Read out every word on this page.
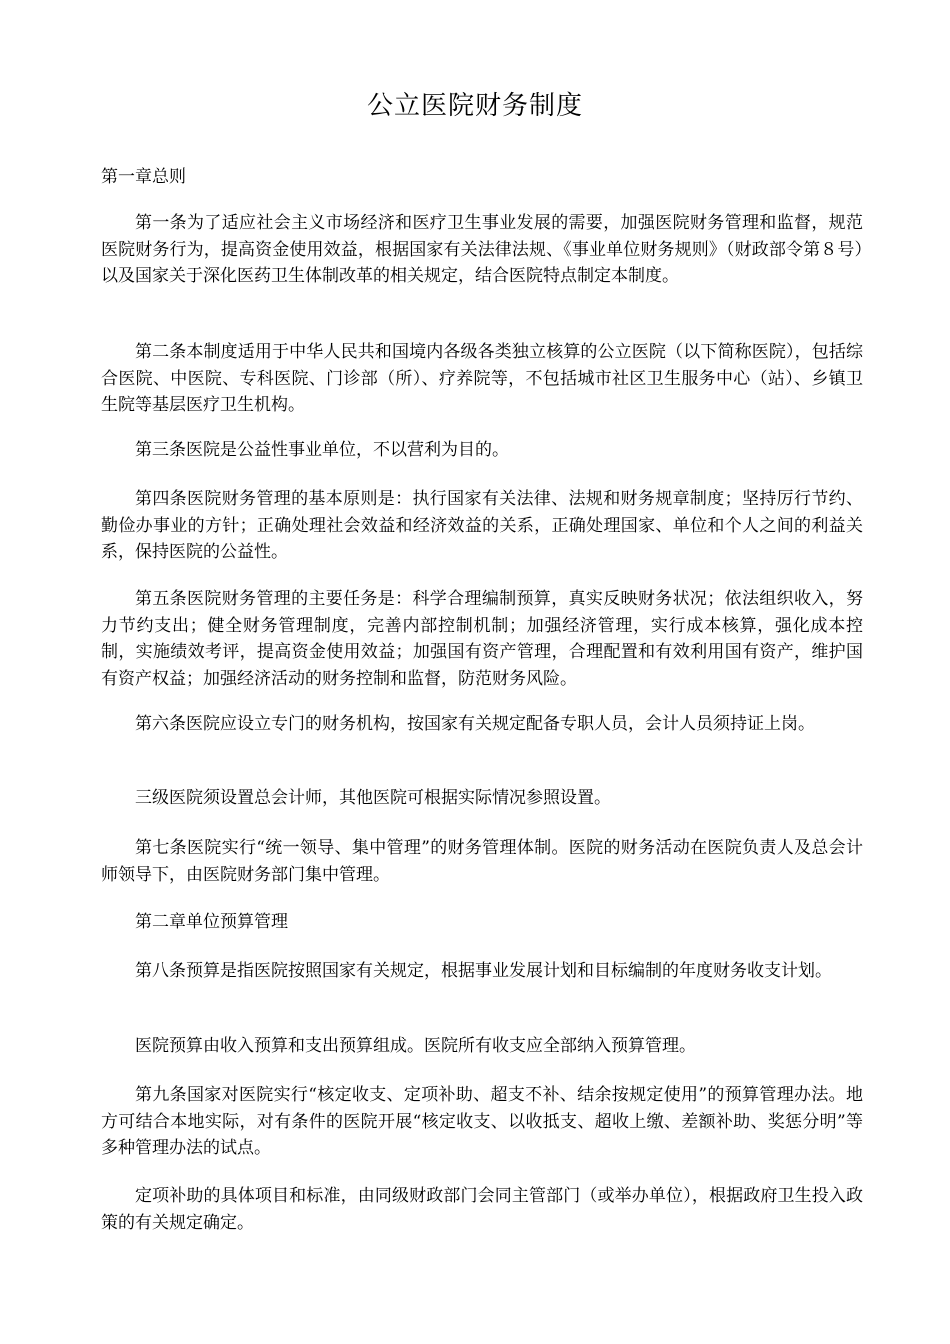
公立医院财务制度
第一章总则

第一条为了适应社会主义市场经济和医疗卫生事业发展的需要，加强医院财务管理和监督，规范医院财务行为，提高资金使用效益，根据国家有关法律法规、《事业单位财务规则》（财政部令第８号）以及国家关于深化医药卫生体制改革的相关规定，结合医院特点制定本制度。

第二条本制度适用于中华人民共和国境内各级各类独立核算的公立医院（以下简称医院），包括综合医院、中医院、专科医院、门诊部（所）、疗养院等，不包括城市社区卫生服务中心（站）、乡镇卫生院等基层医疗卫生机构。

第三条医院是公益性事业单位，不以营利为目的。

第四条医院财务管理的基本原则是：执行国家有关法律、法规和财务规章制度；坚持厉行节约、勤俭办事业的方针；正确处理社会效益和经济效益的关系，正确处理国家、单位和个人之间的利益关系，保持医院的公益性。

第五条医院财务管理的主要任务是：科学合理编制预算，真实反映财务状况；依法组织收入，努力节约支出；健全财务管理制度，完善内部控制机制；加强经济管理，实行成本核算，强化成本控制，实施绩效考评，提高资金使用效益；加强国有资产管理，合理配置和有效利用国有资产，维护国有资产权益；加强经济活动的财务控制和监督，防范财务风险。

第六条医院应设立专门的财务机构，按国家有关规定配备专职人员，会计人员须持证上岗。

三级医院须设置总会计师，其他医院可根据实际情况参照设置。

第七条医院实行“统一领导、集中管理”的财务管理体制。医院的财务活动在医院负责人及总会计师领导下，由医院财务部门集中管理。

第二章单位预算管理

第八条预算是指医院按照国家有关规定，根据事业发展计划和目标编制的年度财务收支计划。

医院预算由收入预算和支出预算组成。医院所有收支应全部纳入预算管理。

第九条国家对医院实行“核定收支、定项补助、超支不补、结余按规定使用”的预算管理办法。地方可结合本地实际，对有条件的医院开展“核定收支、以收抵支、超收上缴、差额补助、奖惩分明”等多种管理办法的试点。

定项补助的具体项目和标准，由同级财政部门会同主管部门（或举办单位），根据政府卫生投入政策的有关规定确定。
